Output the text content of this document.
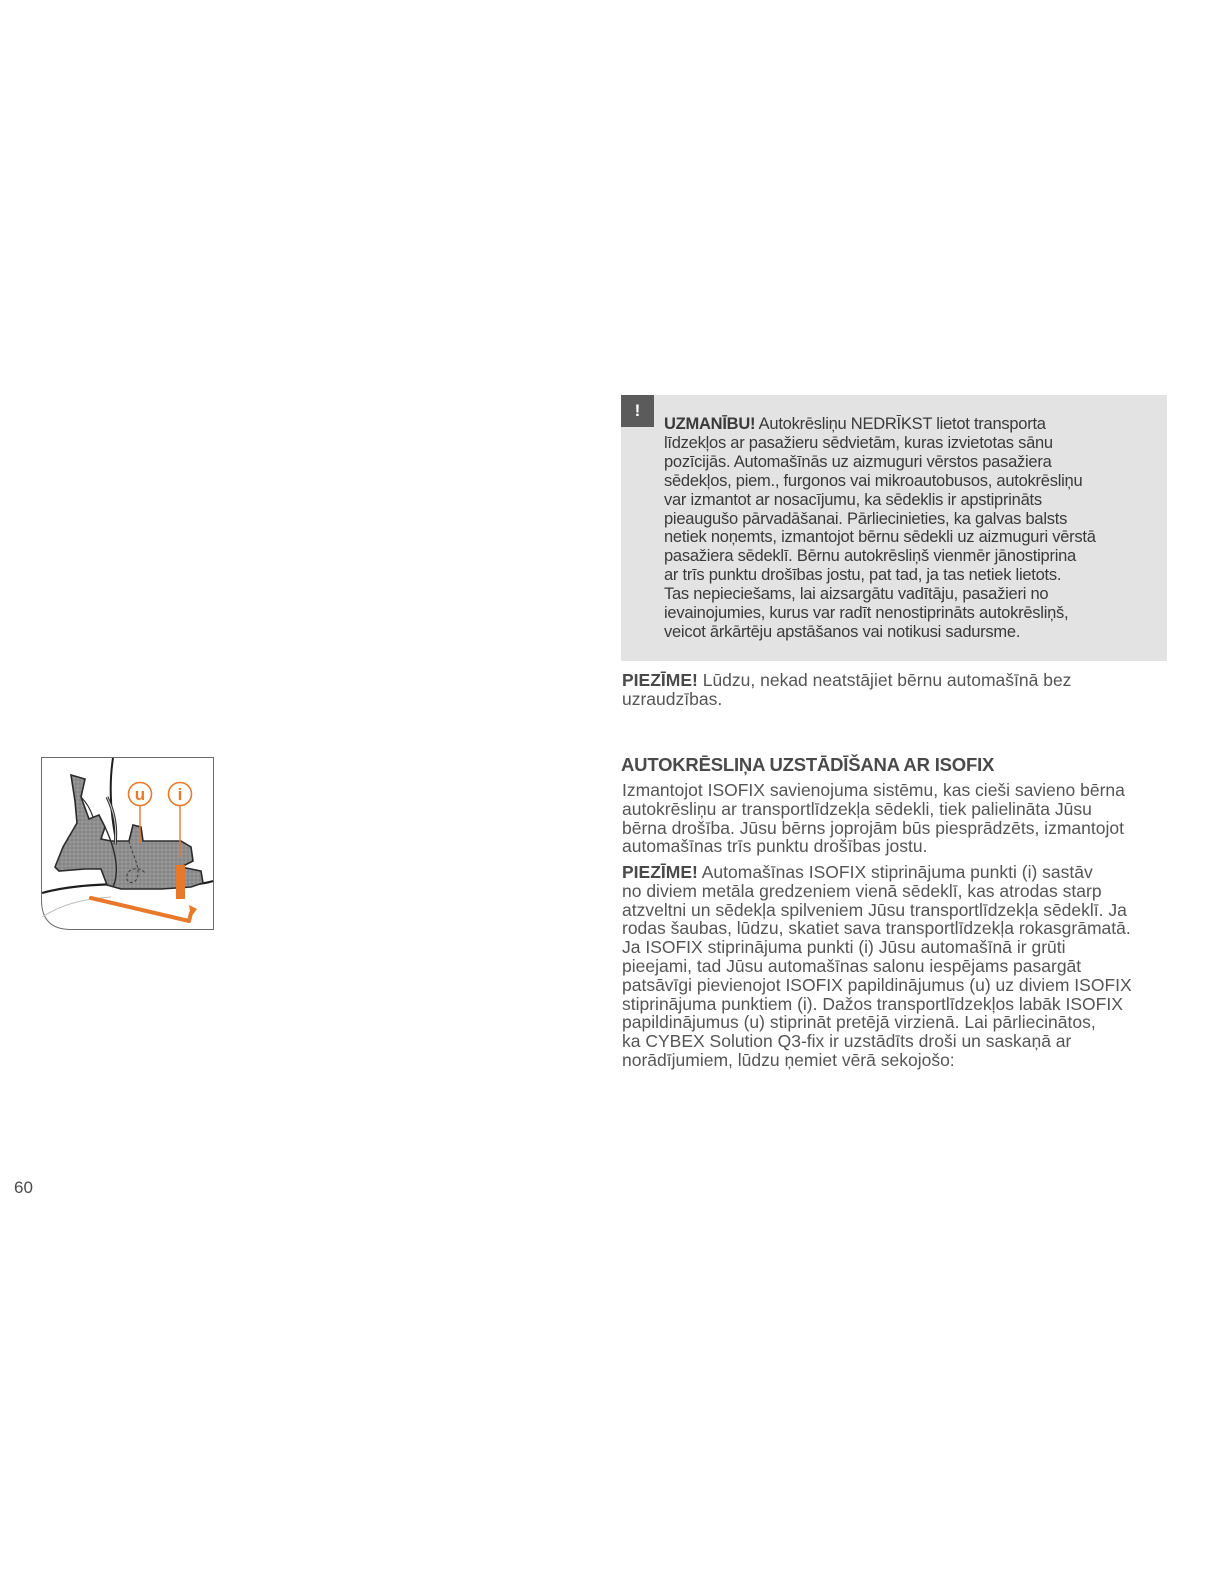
u i
!
UZMANĪBU! Autokrēsliņu NEDRĪKST lietot transporta
līdzekļos ar pasažieru sēdvietām, kuras izvietotas sānu
pozīcijās. Automašīnās uz aizmuguri vērstos pasažiera
sēdekļos, piem., furgonos vai mikroautobusos, autokrēsliņu
var izmantot ar nosacījumu, ka sēdeklis ir apstiprināts
pieaugušo pārvadāšanai. Pārliecinieties, ka galvas balsts
netiek noņemts, izmantojot bērnu sēdekli uz aizmuguri vērstā
pasažiera sēdeklī. Bērnu autokrēsliņš vienmēr jānostiprina
ar trīs punktu drošības jostu, pat tad, ja tas netiek lietots.
Tas nepieciešams, lai aizsargātu vadītāju, pasažieri no
ievainojumies, kurus var radīt nenostiprināts autokrēsliņš,
veicot ārkārtēju apstāšanos vai notikusi sadursme.
PIEZĪME! Lūdzu, nekad neatstājiet bērnu automašīnā bez
uzraudzības.
AUTOKRĒSLIŅA UZSTĀDĪŠANA AR ISOFIX
Izmantojot ISOFIX savienojuma sistēmu, kas cieši savieno bērna
autokrēsliņu ar transportlīdzekļa sēdekli, tiek palielināta Jūsu
bērna drošība. Jūsu bērns joprojām būs piesprādzēts, izmantojot
automašīnas trīs punktu drošības jostu.
PIEZĪME! Automašīnas ISOFIX stiprinājuma punkti (i) sastāv
no diviem metāla gredzeniem vienā sēdeklī, kas atrodas starp
atzveltni un sēdekļa spilveniem Jūsu transportlīdzekļa sēdeklī. Ja
rodas šaubas, lūdzu, skatiet sava transportlīdzekļa rokasgrāmatā.
Ja ISOFIX stiprinājuma punkti (i) Jūsu automašīnā ir grūti
pieejami, tad Jūsu automašīnas salonu iespējams pasargāt
patsāvīgi pievienojot ISOFIX papildinājumus (u) uz diviem ISOFIX
stiprinājuma punktiem (i). Dažos transportlīdzekļos labāk ISOFIX
papildinājumus (u) stiprināt pretējā virzienā. Lai pārliecinātos,
ka CYBEX Solution Q3-fix ir uzstādīts droši un saskaņā ar
norādījumiem, lūdzu ņemiet vērā sekojošo:
60
